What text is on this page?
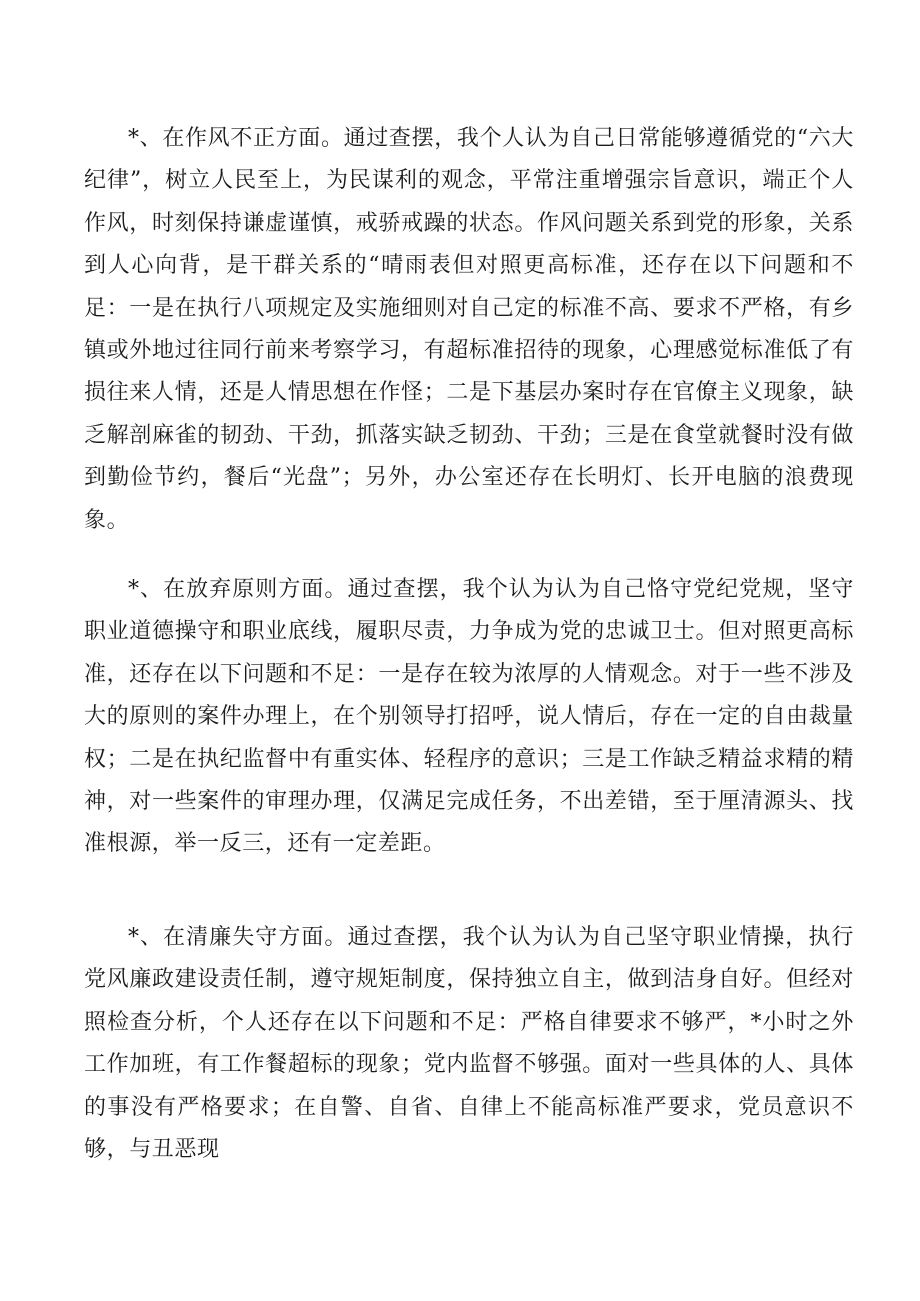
*、在作风不正方面。通过查摆，我个人认为自己日常能够遵循党的“六大纪律”，树立人民至上，为民谋利的观念，平常注重增强宗旨意识，端正个人作风，时刻保持谦虚谨慎，戒骄戒躁的状态。作风问题关系到党的形象，关系到人心向背，是干群关系的“晴雨表但对照更高标准，还存在以下问题和不足：一是在执行八项规定及实施细则对自己定的标准不高、要求不严格，有乡镇或外地过往同行前来考察学习，有超标准招待的现象，心理感觉标准低了有损往来人情，还是人情思想在作怪；二是下基层办案时存在官僚主义现象，缺乏解剖麻雀的韧劲、干劲，抓落实缺乏韧劲、干劲；三是在食堂就餐时没有做到勤俭节约，餐后“光盘”；另外，办公室还存在长明灯、长开电脑的浪费现象。

*、在放弃原则方面。通过查摆，我个认为认为自己恪守党纪党规，坚守职业道德操守和职业底线，履职尽责，力争成为党的忠诚卫士。但对照更高标准，还存在以下问题和不足：一是存在较为浓厚的人情观念。对于一些不涉及大的原则的案件办理上，在个别领导打招呼，说人情后，存在一定的自由裁量权；二是在执纪监督中有重实体、轻程序的意识；三是工作缺乏精益求精的精神，对一些案件的审理办理，仅满足完成任务，不出差错，至于厘清源头、找准根源，举一反三，还有一定差距。

*、在清廉失守方面。通过查摆，我个认为认为自己坚守职业情操，执行党风廉政建设责任制，遵守规矩制度，保持独立自主，做到洁身自好。但经对照检查分析，个人还存在以下问题和不足：严格自律要求不够严，*小时之外工作加班，有工作餐超标的现象；党内监督不够强。面对一些具体的人、具体的事没有严格要求；在自警、自省、自律上不能高标准严要求，党员意识不够，与丑恶现
